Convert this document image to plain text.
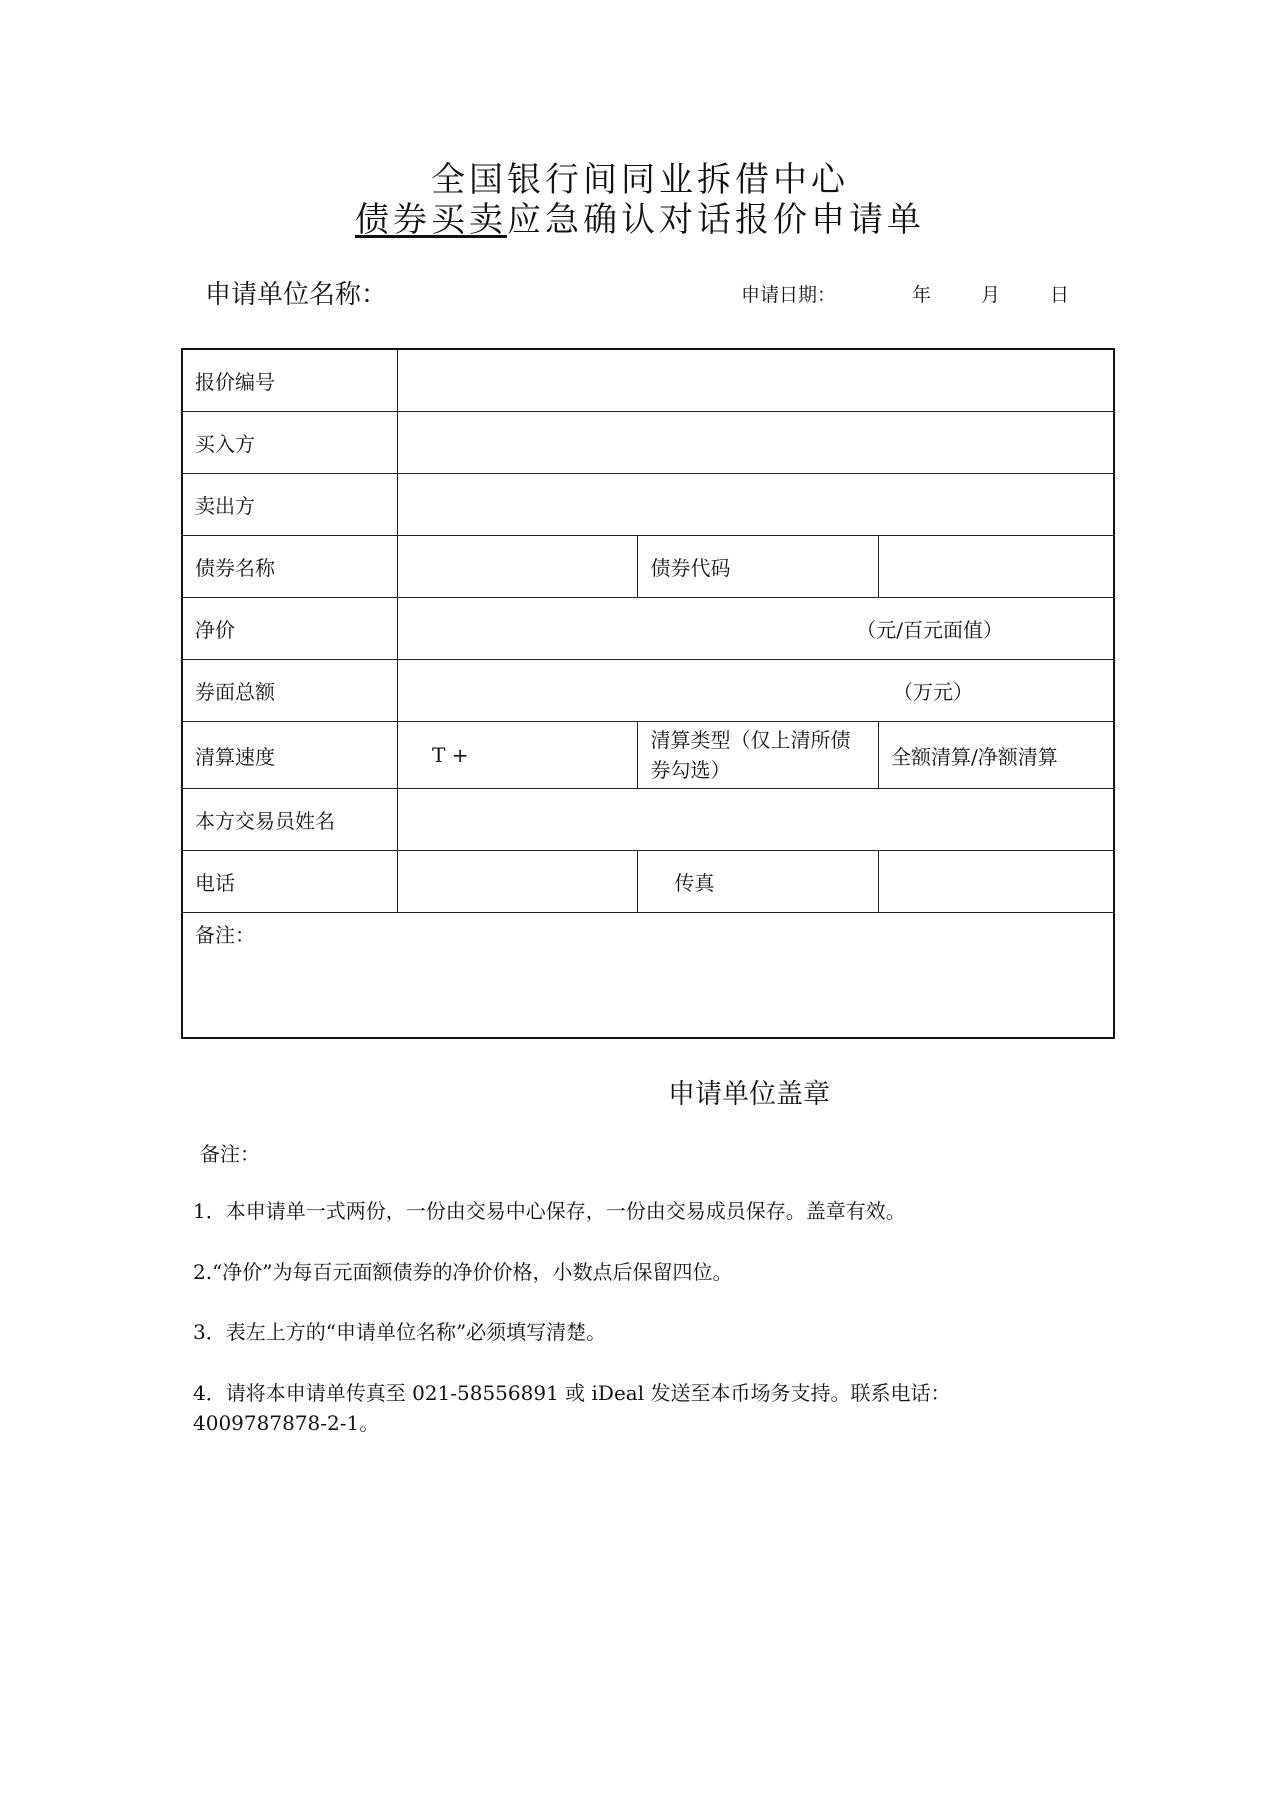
全国银行间同业拆借中心
债券买卖应急确认对话报价申请单
申请单位名称：	申请日期：	年	月	日
报价编号			
买入方			
卖出方			
债券名称		债券代码	
净价	（元/百元面值）		
券面总额	（万元）		
清算速度	T +	清算类型（仅上清所债券勾选）	全额清算/净额清算
本方交易员姓名			
电话		传真	
备注：			
申请单位盖章
备注：
1．本申请单一式两份，一份由交易中心保存，一份由交易成员保存。盖章有效。
2.“净价”为每百元面额债券的净价价格，小数点后保留四位。
3．表左上方的“申请单位名称”必须填写清楚。
4．请将本申请单传真至 021-58556891 或 iDeal 发送至本币场务支持。联系电话：4009787878-2-1。
